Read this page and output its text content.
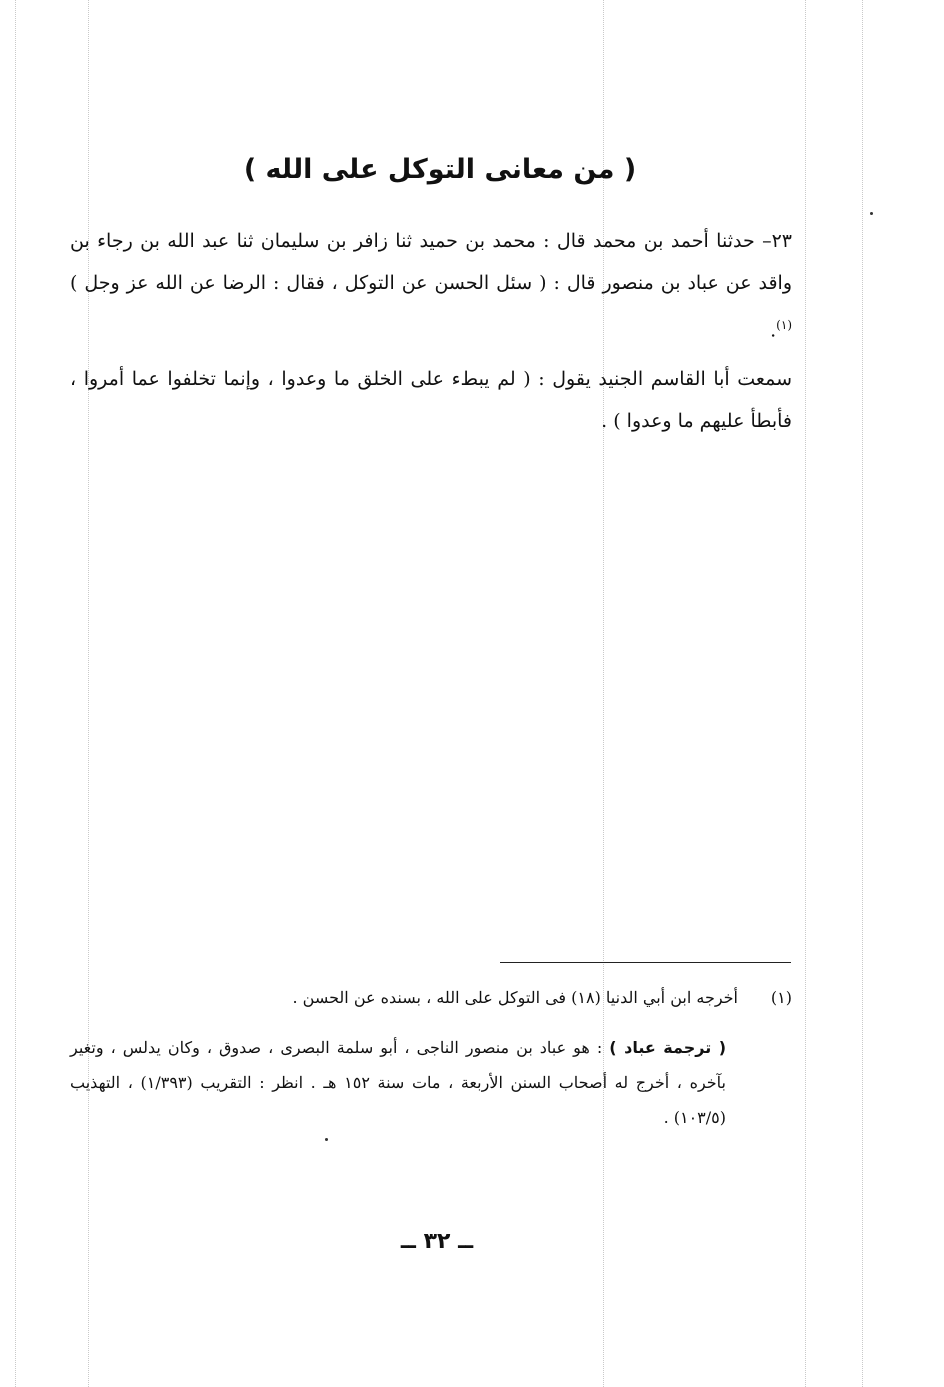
( من معانى التوكل على الله )

٢٣– حدثنا أحمد بن محمد قال : محمد بن حميد ثنا زافر بن سليمان ثنا عبد الله بن رجاء بن واقد عن عباد بن منصور قال : ( سئل الحسن عن التوكل ، فقال : الرضا عن الله عز وجل )$^{(١)}$.

سمعت أبا القاسم الجنيد يقول : ( لم يبطء على الخلق ما وعدوا ، وإنما تخلفوا عما أمروا ، فأبطأ عليهم ما وعدوا ) .

(١)أخرجه ابن أبي الدنيا (١٨) فى التوكل على الله ، بسنده عن الحسن .

( ترجمة عباد ) : هو عباد بن منصور الناجى ، أبو سلمة البصرى ، صدوق ، وكان يدلس ، وتغير بآخره ، أخرج له أصحاب السنن الأربعة ، مات سنة ١٥٢ هـ . انظر : التقريب (١/٣٩٣) ، التهذيب (١٠٣/٥) .

ــ ٣٢ ــ
